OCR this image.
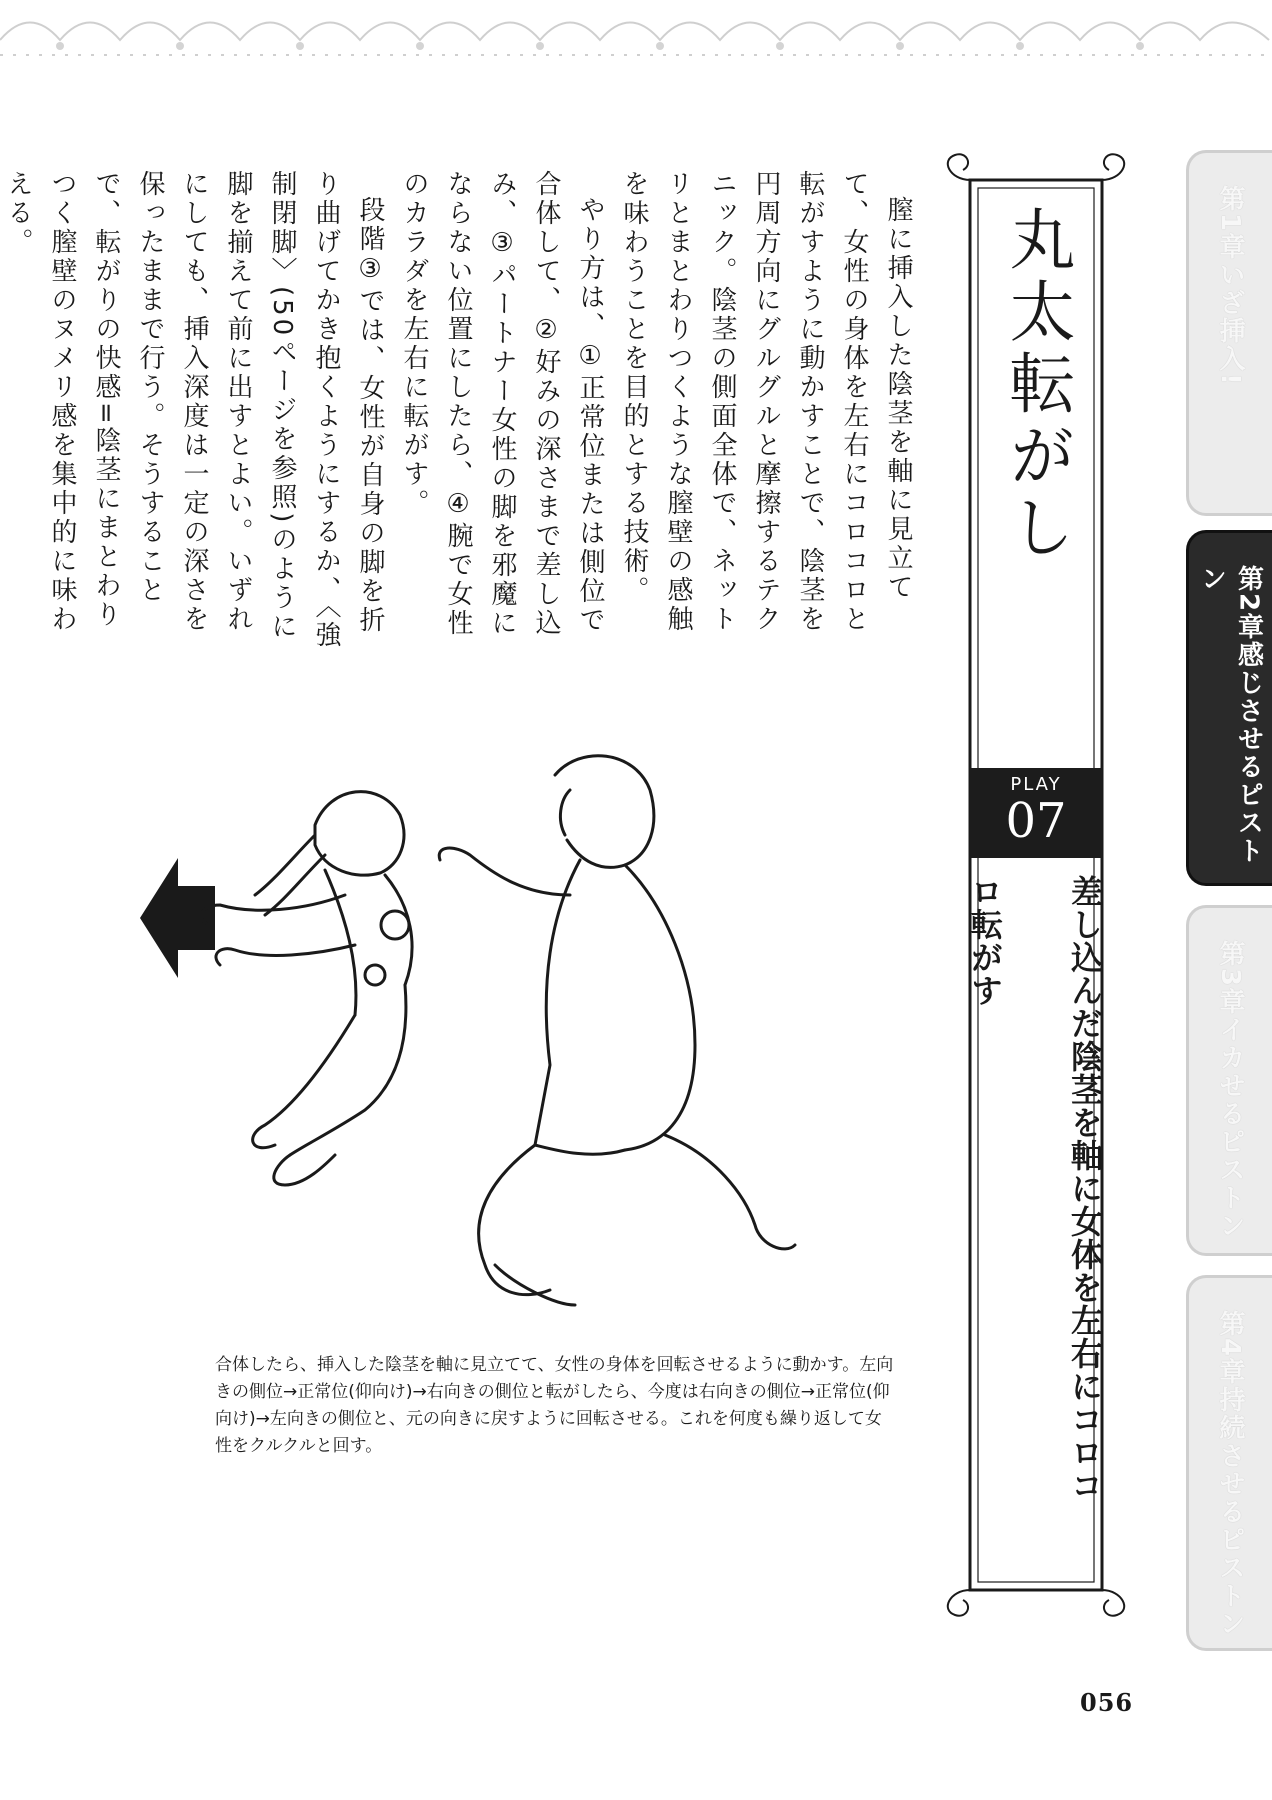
膣に挿入した陰茎を軸に見立てて、女性の身体を左右にコロコロと転がすように動かすことで、陰茎を円周方向にグルグルと摩擦するテクニック。陰茎の側面全体で、ネットリとまとわりつくような膣壁の感触を味わうことを目的とする技術。

やり方は、①正常位または側位で合体して、②好みの深さまで差し込み、③パートナー女性の脚を邪魔にならない位置にしたら、④腕で女性のカラダを左右に転がす。

段階③では、女性が自身の脚を折り曲げてかき抱くようにするか、〈強制閉脚〉(50ページを参照)のように脚を揃えて前に出すとよい。いずれにしても、挿入深度は一定の深さを保ったままで行う。そうすることで、転がりの快感=陰茎にまとわりつく膣壁のヌメリ感を集中的に味わえる。	丸太転がし
PLAY
07
差し込んだ陰茎を軸に女体を左右にコロコロ転がす
第1章いざ挿入!
第2章感じさせるピストン
第3章イカせるピストン
第4章持続させるピストン

合体したら、挿入した陰茎を軸に見立てて、女性の身体を回転させるように動かす。左向きの側位→正常位(仰向け)→右向きの側位と転がしたら、今度は右向きの側位→正常位(仰向け)→左向きの側位と、元の向きに戻すように回転させる。これを何度も繰り返して女性をクルクルと回す。

056
